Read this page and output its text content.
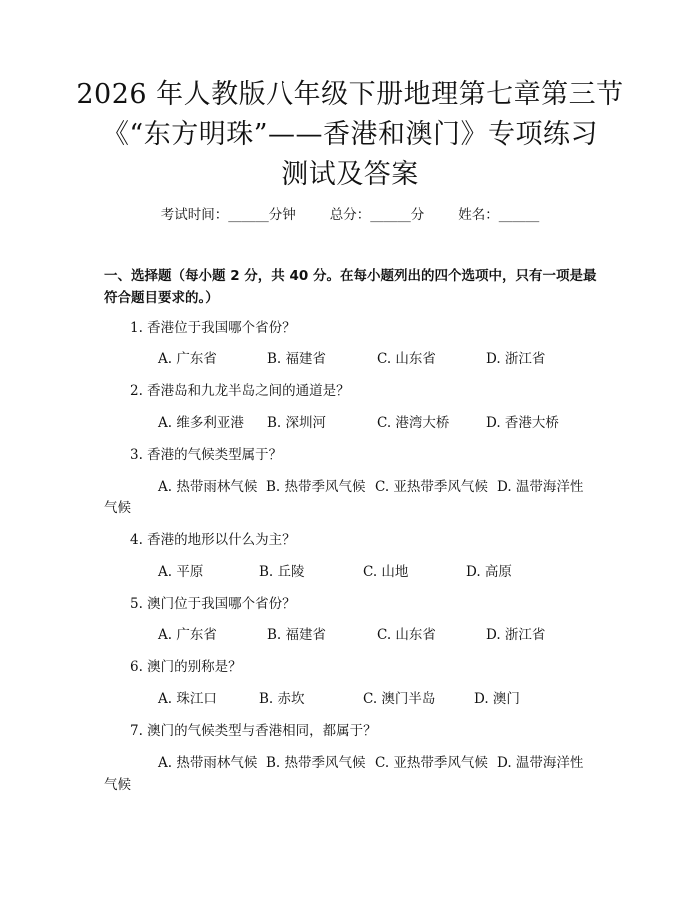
2026 年人教版八年级下册地理第七章第三节
《“东方明珠”——香港和澳门》专项练习
测试及答案
考试时间：______分钟	总分：______分	姓名：______
一、选择题（每小题 2 分，共 40 分。在每小题列出的四个选项中，只有一项是最
符合题目要求的。）
1. 香港位于我国哪个省份？
A. 广东省	B. 福建省	C. 山东省	D. 浙江省
2. 香港岛和九龙半岛之间的通道是？
A. 维多利亚港 B. 深圳河	C. 港湾大桥	D. 香港大桥
3. 香港的气候类型属于？
A. 热带雨林气候 B. 热带季风气候 C. 亚热带季风气候 D. 温带海洋性
气候
4. 香港的地形以什么为主？
A. 平原	B. 丘陵	C. 山地	D. 高原
5. 澳门位于我国哪个省份？
A. 广东省	B. 福建省	C. 山东省	D. 浙江省
6. 澳门的别称是？
A. 珠江口	B. 赤坎	C. 澳门半岛	D. 澳门
7. 澳门的气候类型与香港相同，都属于？
A. 热带雨林气候 B. 热带季风气候 C. 亚热带季风气候 D. 温带海洋性
气候
